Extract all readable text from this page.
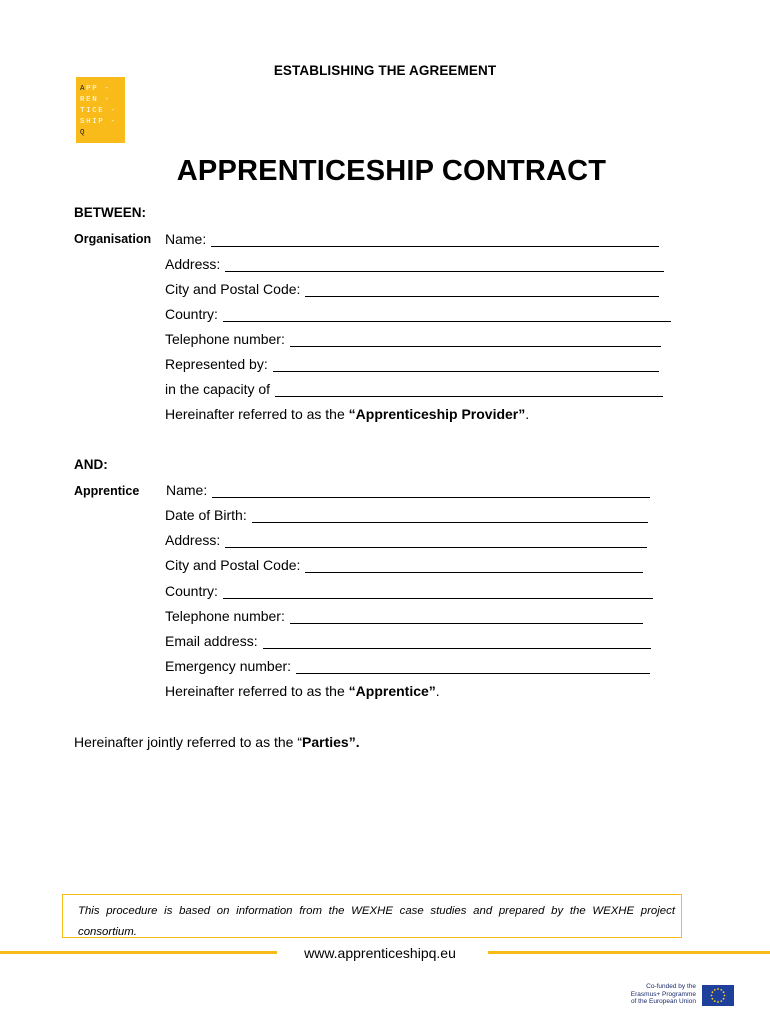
ESTABLISHING THE AGREEMENT
APP -
REN -
TICE -
SHIP -
Q
APPRENTICESHIP CONTRACT
BETWEEN:
Organisation Name:
Address:
City and Postal Code:
Country:
Telephone number:
Represented by:
in the capacity of
Hereinafter referred to as the
“Apprenticeship Provider” .
AND:
Apprentice Name:
Date of Birth:
Address:
City and Postal Code:
Country:
Telephone number:
Email address:
Emergency number:
Hereinafter referred to as the
“Apprentice” .
Hereinafter jointly referred to as the “Parties”.
This procedure is based on information from the WEXHE case studies and prepared by the WEXHE project consortium.
www.apprenticeshipq.eu
Co-funded by the
Erasmus+ Programme
of the European Union
